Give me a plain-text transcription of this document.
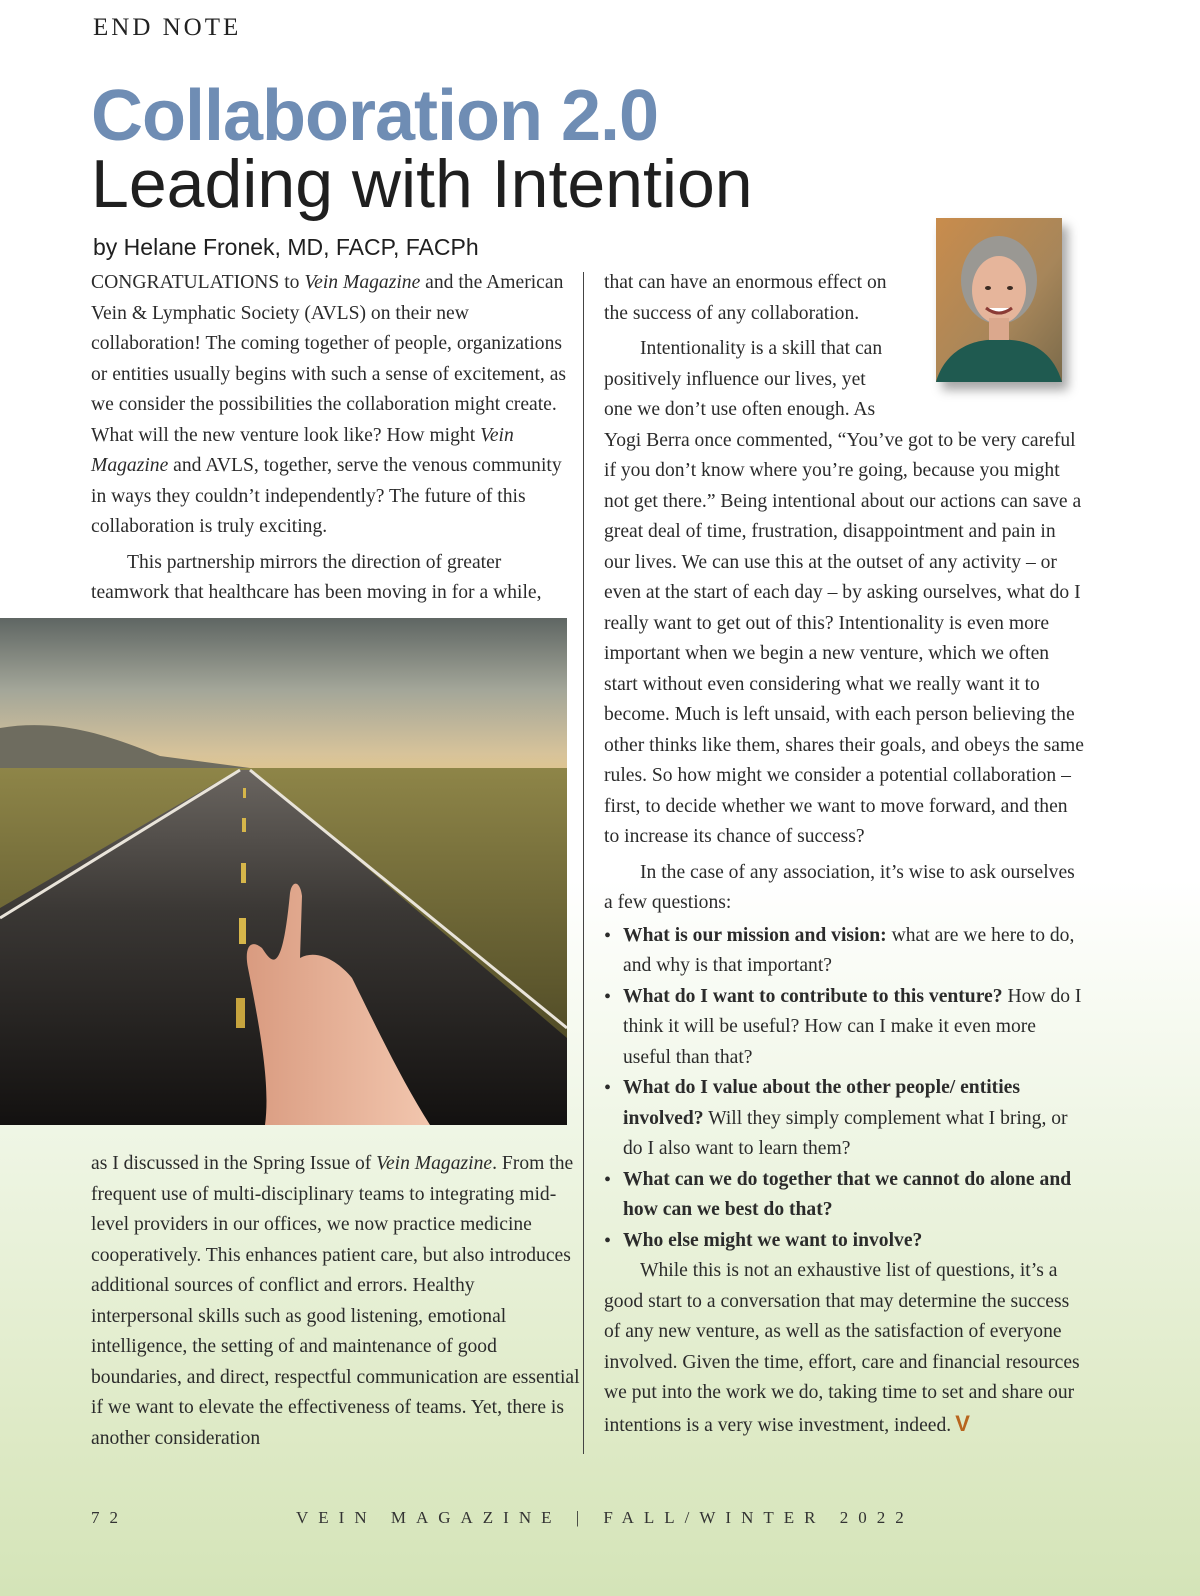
END NOTE
Collaboration 2.0
Leading with Intention
by Helane Fronek, MD, FACP, FACPh

CONGRATULATIONS to Vein Magazine and the American Vein & Lymphatic Society (AVLS) on their new collaboration! The coming together of people, organizations or entities usually begins with such a sense of excitement, as we consider the possibilities the collaboration might create. What will the new venture look like? How might Vein Magazine and AVLS, together, serve the venous community in ways they couldn’t independently? The future of this collaboration is truly exciting.

This partnership mirrors the direction of greater teamwork that healthcare has been moving in for a while,

as I discussed in the Spring Issue of Vein Magazine. From the frequent use of multi-disciplinary teams to integrating mid-level providers in our offices, we now practice medicine cooperatively. This enhances patient care, but also introduces additional sources of conflict and errors. Healthy interpersonal skills such as good listening, emotional intelligence, the setting of and maintenance of good boundaries, and direct, respectful communication are essential if we want to elevate the effectiveness of teams. Yet, there is another consideration

that can have an enormous effect on the success of any collaboration.

Intentionality is a skill that can positively influence our lives, yet one we don’t use often enough. As Yogi Berra once commented, “You’ve got to be very careful if you don’t know where you’re going, because you might not get there.” Being intentional about our actions can save a great deal of time, frustration, disappointment and pain in our lives. We can use this at the outset of any activity – or even at the start of each day – by asking ourselves, what do I really want to get out of this? Intentionality is even more important when we begin a new venture, which we often start without even considering what we really want it to become. Much is left unsaid, with each person believing the other thinks like them, shares their goals, and obeys the same rules. So how might we consider a potential collaboration – first, to decide whether we want to move forward, and then to increase its chance of success?

In the case of any association, it’s wise to ask ourselves a few questions:

• What is our mission and vision: what are we here to do, and why is that important?
• What do I want to contribute to this venture? How do I think it will be useful? How can I make it even more useful than that?
• What do I value about the other people/ entities involved? Will they simply complement what I bring, or do I also want to learn them?
• What can we do together that we cannot do alone and how can we best do that?
• Who else might we want to involve?

While this is not an exhaustive list of questions, it’s a good start to a conversation that may determine the success of any new venture, as well as the satisfaction of everyone involved. Given the time, effort, care and financial resources we put into the work we do, taking time to set and share our intentions is a very wise investment, indeed. V

72	VEIN MAGAZINE | FALL/WINTER 2022
